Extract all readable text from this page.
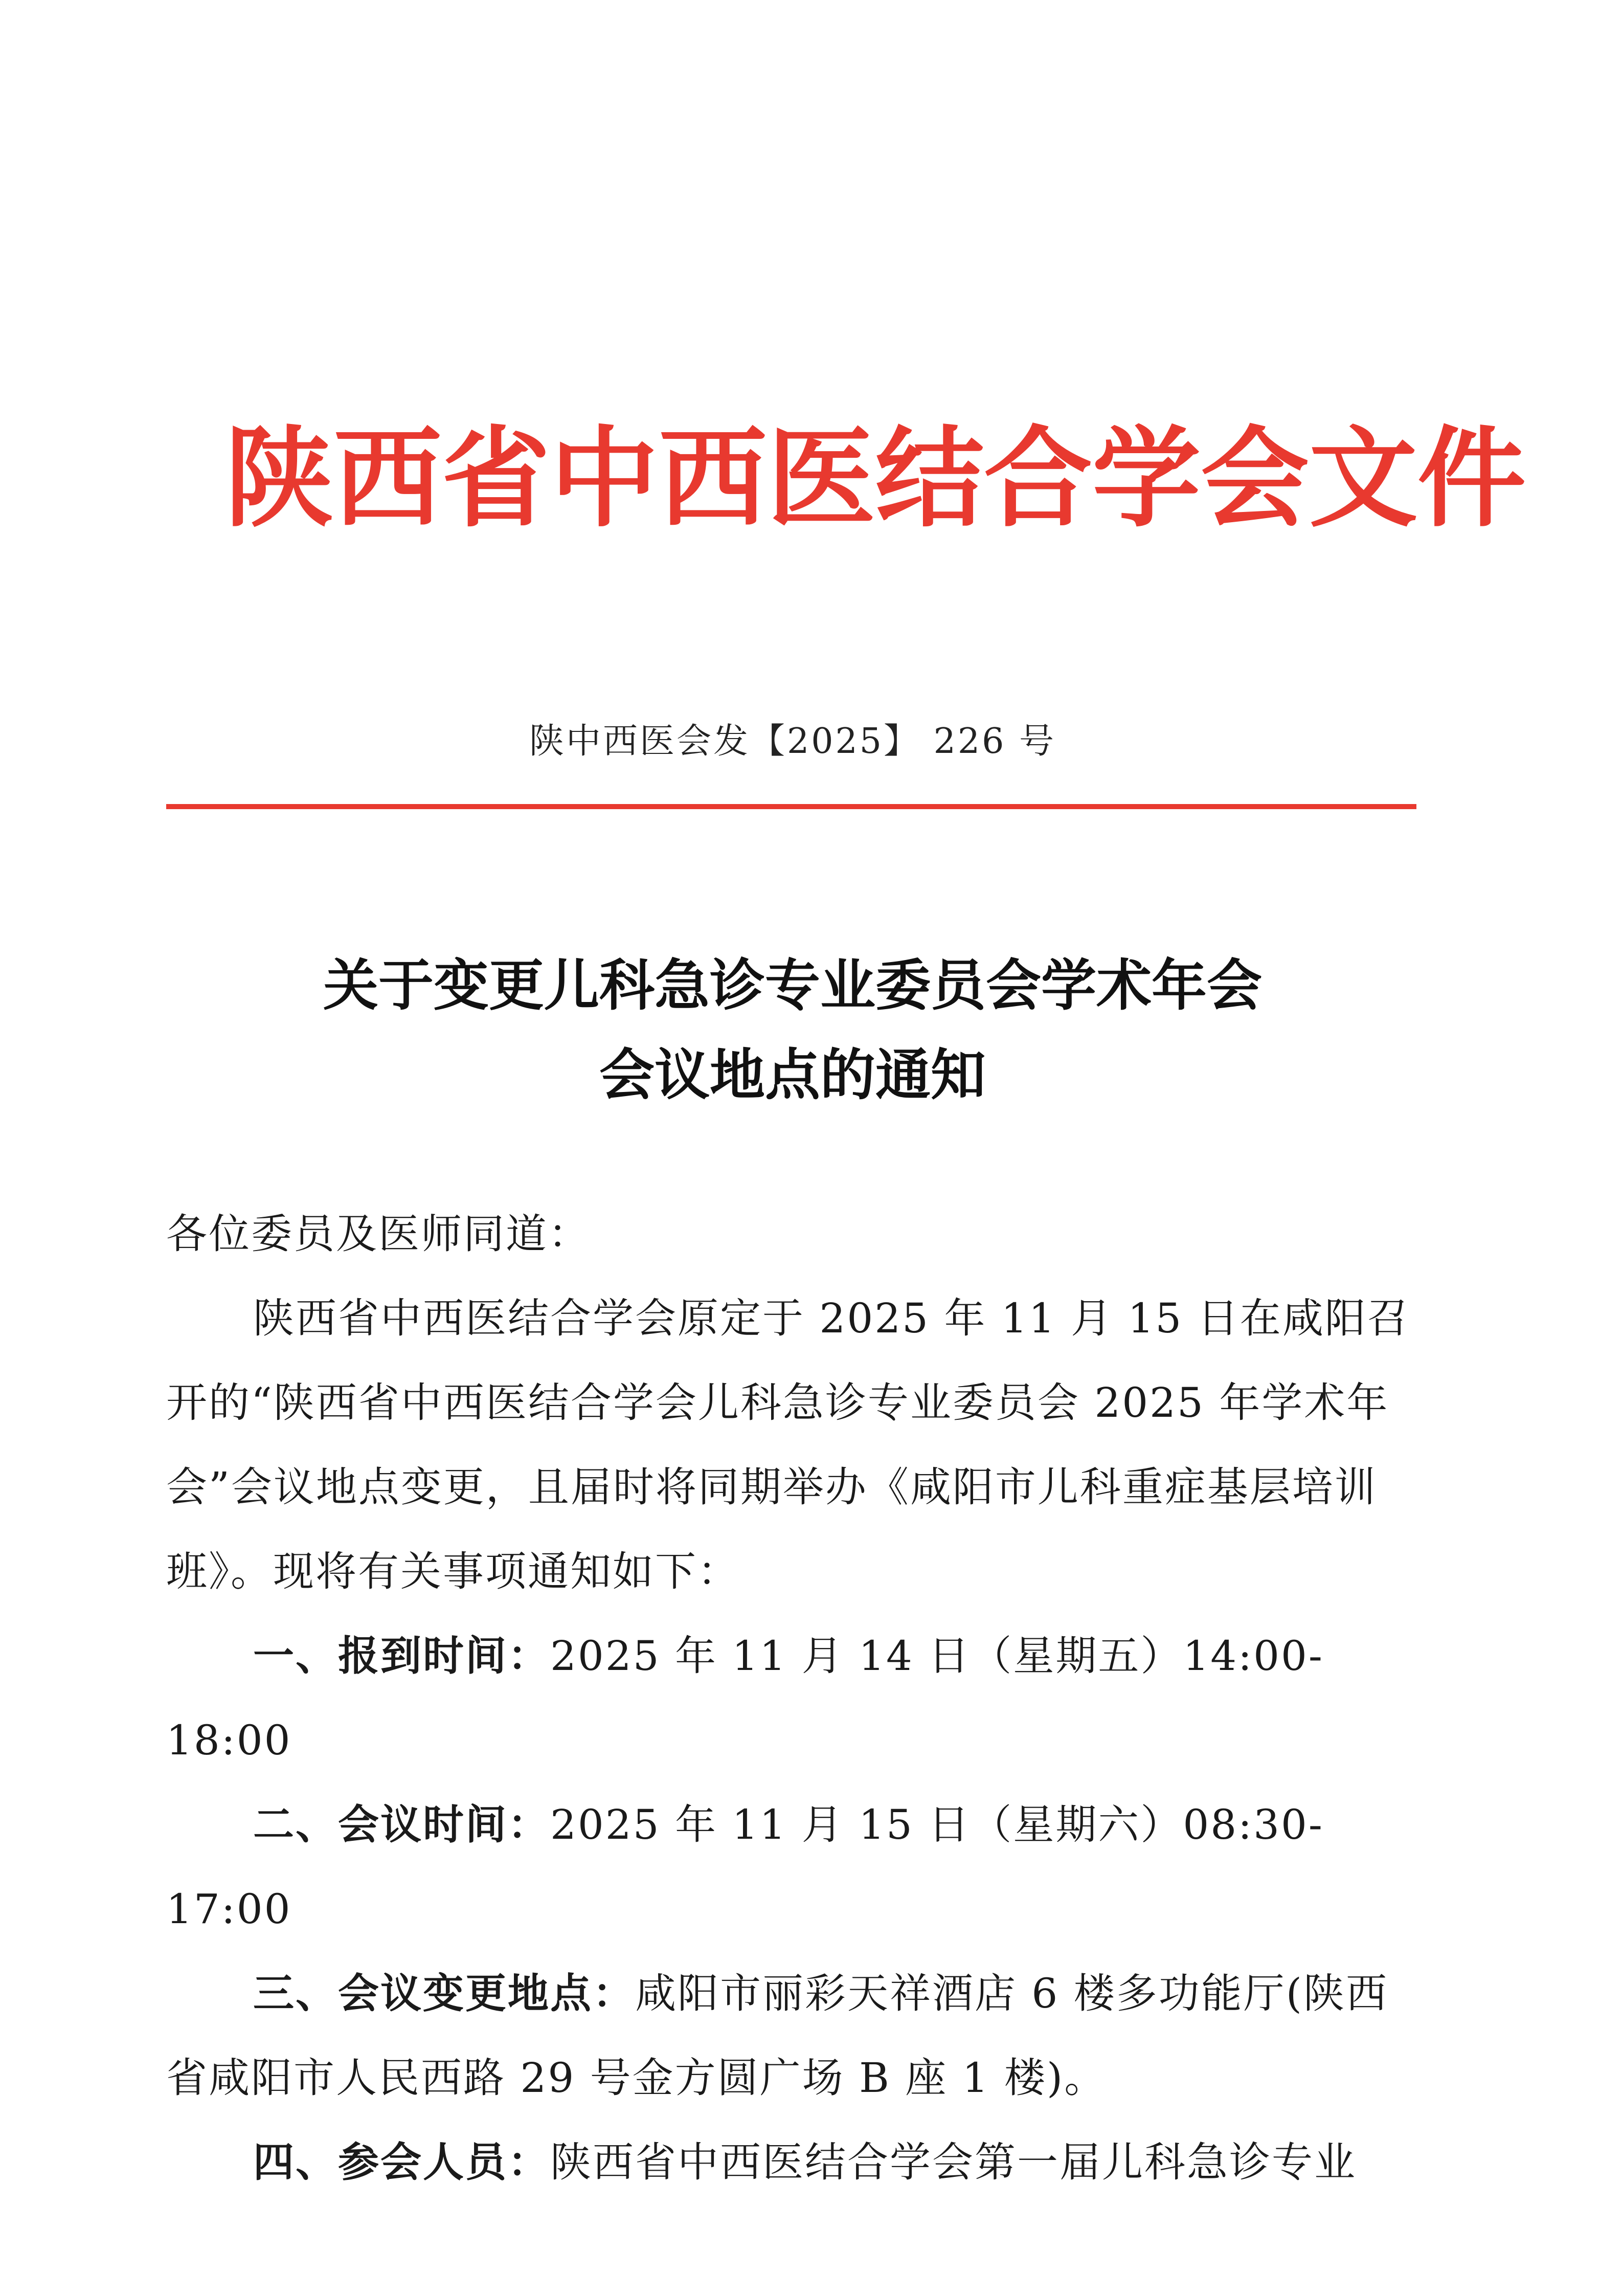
陕西省中西医结合学会文件
陕中西医会发【2025】 226 号
关于变更儿科急诊专业委员会学术年会
会议地点的通知

各位委员及医师同道：

陕西省中西医结合学会原定于 2025 年 11 月 15 日在咸阳召开的“陕西省中西医结合学会儿科急诊专业委员会 2025 年学术年会”会议地点变更，且届时将同期举办《咸阳市儿科重症基层培训班》。现将有关事项通知如下：

一、报到时间：2025 年 11 月 14 日（星期五）14:00-18:00

二、会议时间：2025 年 11 月 15 日（星期六）08:30-17:00

三、会议变更地点：咸阳市丽彩天祥酒店 6 楼多功能厅(陕西省咸阳市人民西路 29 号金方圆广场 B 座 1 楼)。

四、参会人员：陕西省中西医结合学会第一届儿科急诊专业
